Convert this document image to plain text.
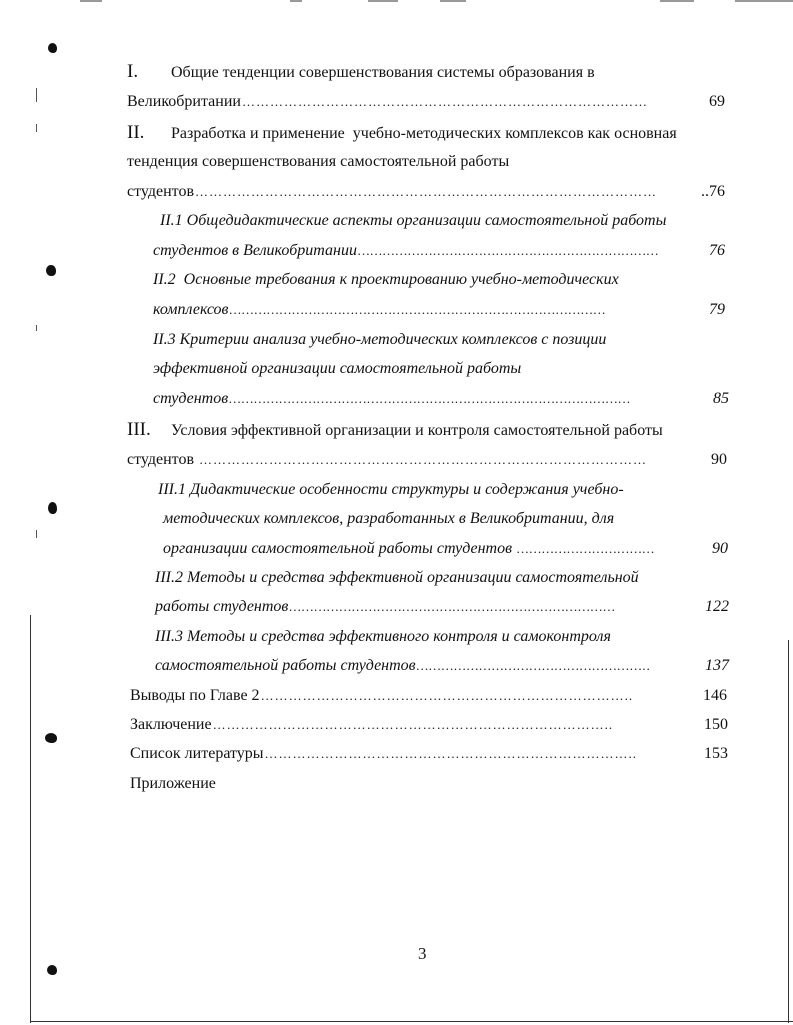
I.	Общие тенденции совершенствования системы образования в
Великобритании ……………………………………………………………………………	69
II.	Разработка и применение  учебно-методических комплексов как основная
тенденция совершенствования самостоятельной работы
студентов ………………………………………………………………………………………	..76
II.1 Общедидактические аспекты организации самостоятельной работы
студентов в Великобритании ………………………………………………………………	76
II.2  Основные требования к проектированию учебно-методических
комплексов ………………………………………………………………………………	79
II.3 Критерии анализа учебно-методических комплексов с позиции
эффективной организации самостоятельной работы
студентов ……………………………………………………………………………………	85
III.	Условия эффективной организации и контроля самостоятельной работы
студентов ……………………………………………………………………………………	90
III.1 Дидактические особенности структуры и содержания учебно-
методических комплексов, разработанных в Великобритании, для
организации самостоятельной работы студентов ……………………………	90
III.2 Методы и средства эффективной организации самостоятельной
работы студентов ……………………………………………………………………	122
III.3 Методы и средства эффективного контроля и самоконтроля
самостоятельной работы студентов ………………………………………………..	137
Выводы по Главе 2 ……………………………………………………………………..	146
Заключение …………………………………………………………………………..	150
Список литературы ……………………………………………………………………..	153
Приложение
3
